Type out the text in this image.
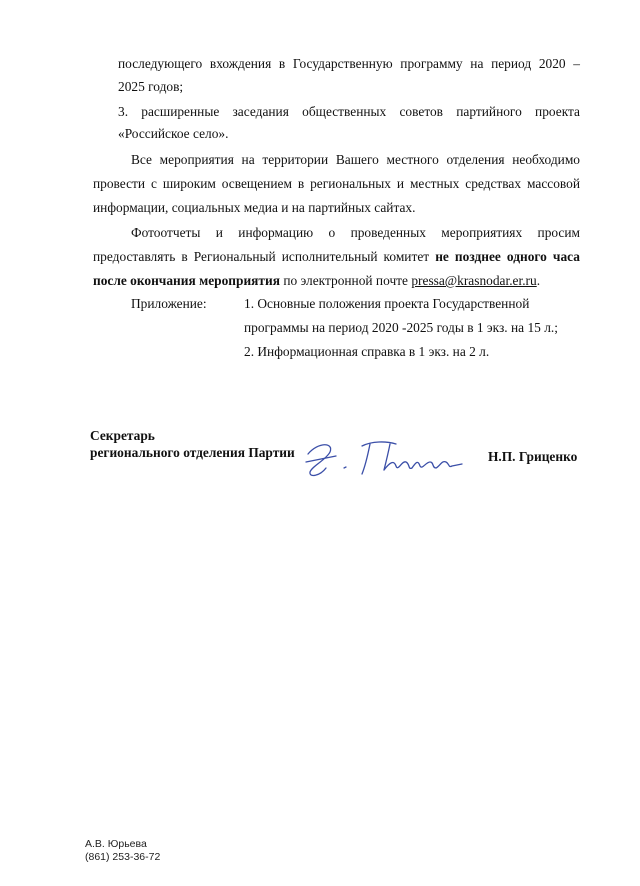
последующего вхождения в Государственную программу на период 2020 –
2025 годов;
3. расширенные заседания общественных советов партийного проекта
«Российское село».
Все мероприятия на территории Вашего местного отделения необходимо
провести с широким освещением в региональных и местных средствах массовой
информации, социальных медиа и на партийных сайтах.
Фотоотчеты и информацию о проведенных мероприятиях просим
предоставлять в Региональный исполнительный комитет не позднее одного часа
после окончания мероприятия по электронной почте pressa@krasnodar.er.ru.
Приложение:	1. Основные положения проекта Государственной
программы на период 2020 -2025 годы в 1 экз. на 15 л.;
2. Информационная справка в 1 экз. на 2 л.
Секретарь
регионального отделения Партии	Н.П. Гриценко
А.В. Юрьева
(861) 253-36-72
